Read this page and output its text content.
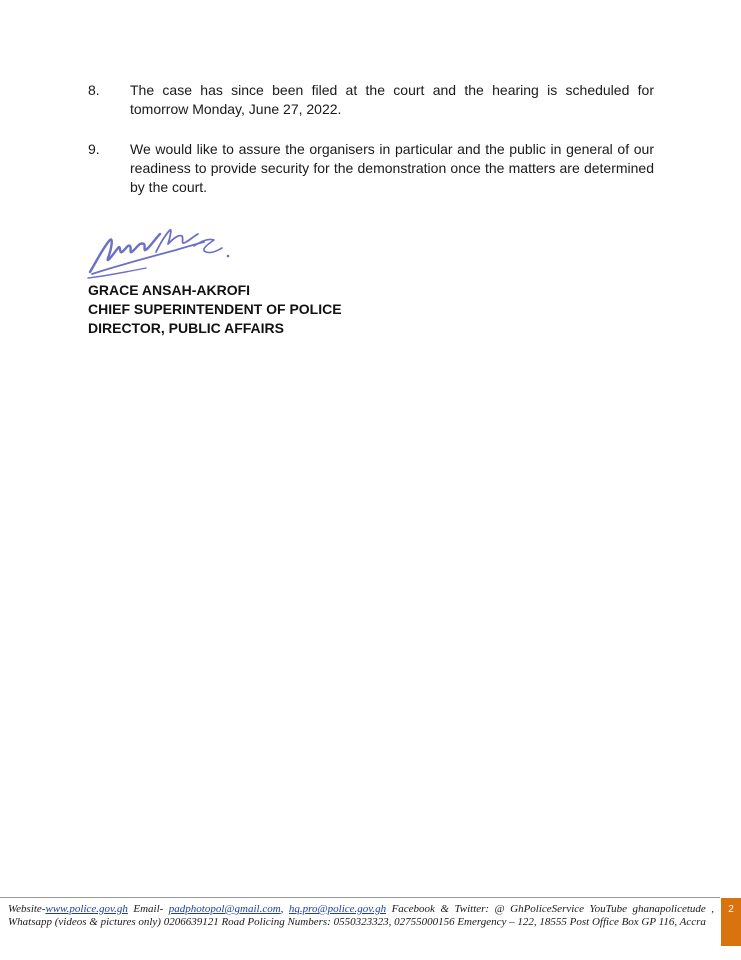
8.	The case has since been filed at the court and the hearing is scheduled for tomorrow Monday, June 27, 2022.
9.	We would like to assure the organisers in particular and the public in general of our readiness to provide security for the demonstration once the matters are determined by the court.
GRACE ANSAH-AKROFI
CHIEF SUPERINTENDENT OF POLICE
DIRECTOR, PUBLIC AFFAIRS
Website-www.police.gov.gh Email- padphotopol@gmail.com, hq.pro@police.gov.gh Facebook & Twitter: @ GhPoliceService YouTube ghanapolicetude , Whatsapp (videos & pictures only) 0206639121 Road Policing Numbers: 0550323323, 02755000156 Emergency – 122, 18555 Post Office Box GP 116, Accra
2
